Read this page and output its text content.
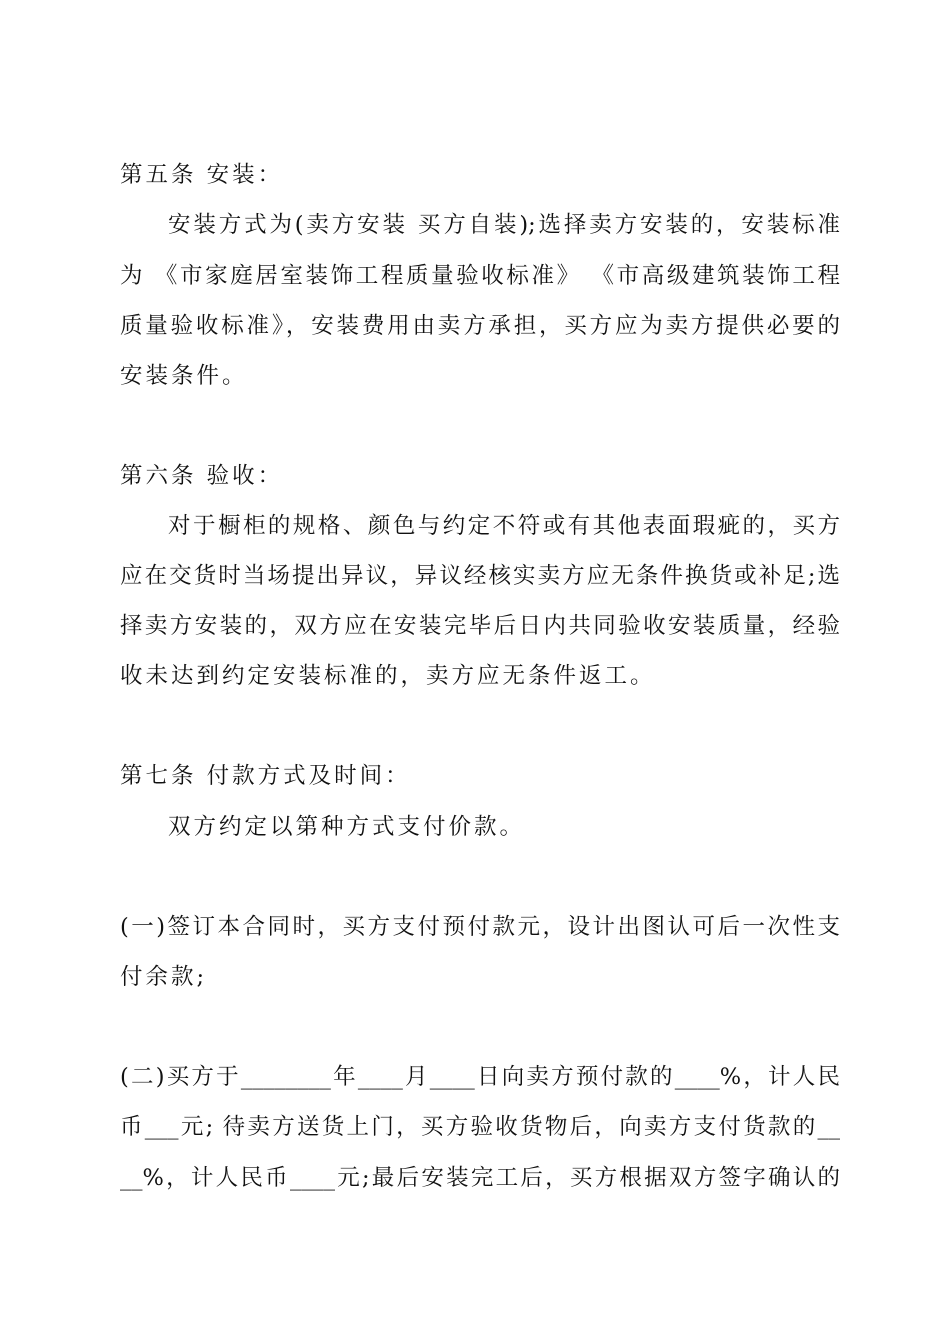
第五条 安装：
安装方式为(卖方安装 买方自装);选择卖方安装的，安装标准
为 《市家庭居室装饰工程质量验收标准》 《市高级建筑装饰工程
质量验收标准》，安装费用由卖方承担，买方应为卖方提供必要的
安装条件。
第六条 验收：
对于橱柜的规格、颜色与约定不符或有其他表面瑕疵的，买方
应在交货时当场提出异议，异议经核实卖方应无条件换货或补足;选
择卖方安装的，双方应在安装完毕后日内共同验收安装质量，经验
收未达到约定安装标准的，卖方应无条件返工。
第七条 付款方式及时间：
双方约定以第种方式支付价款。
(一)签订本合同时，买方支付预付款元，设计出图认可后一次性支
付余款;
(二)买方于________年____月____日向卖方预付款的____%，计人民
币___元; 待卖方送货上门，买方验收货物后，向卖方支付货款的__
__%，计人民币____元;最后安装完工后，买方根据双方签字确认的
